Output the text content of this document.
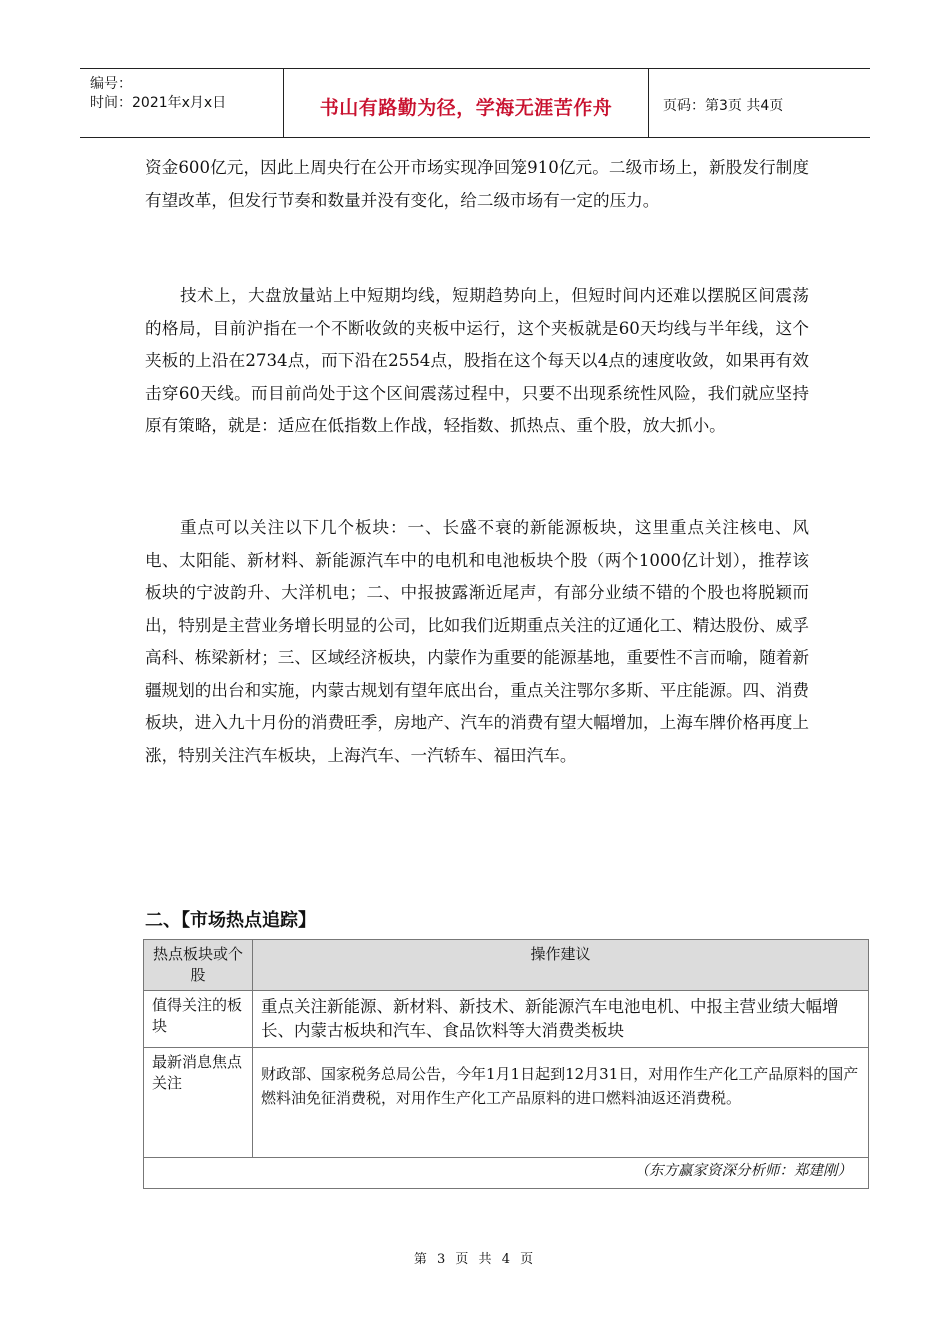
编号：
时间：2021年x月x日	书山有路勤为径，学海无涯苦作舟	页码：第3页 共4页
资金600亿元，因此上周央行在公开市场实现净回笼910亿元。二级市场上，新股发行制度有望改革，但发行节奏和数量并没有变化，给二级市场有一定的压力。
技术上，大盘放量站上中短期均线，短期趋势向上，但短时间内还难以摆脱区间震荡的格局，目前沪指在一个不断收敛的夹板中运行，这个夹板就是60天均线与半年线，这个夹板的上沿在2734点，而下沿在2554点，股指在这个每天以4点的速度收敛，如果再有效击穿60天线。而目前尚处于这个区间震荡过程中，只要不出现系统性风险，我们就应坚持原有策略，就是：适应在低指数上作战，轻指数、抓热点、重个股，放大抓小。
重点可以关注以下几个板块：一、长盛不衰的新能源板块，这里重点关注核电、风电、太阳能、新材料、新能源汽车中的电机和电池板块个股（两个1000亿计划），推荐该板块的宁波韵升、大洋机电；二、中报披露渐近尾声，有部分业绩不错的个股也将脱颖而出，特别是主营业务增长明显的公司，比如我们近期重点关注的辽通化工、精达股份、威孚高科、栋梁新材；三、区域经济板块，内蒙作为重要的能源基地，重要性不言而喻，随着新疆规划的出台和实施，内蒙古规划有望年底出台，重点关注鄂尔多斯、平庄能源。四、消费板块，进入九十月份的消费旺季，房地产、汽车的消费有望大幅增加，上海车牌价格再度上涨，特别关注汽车板块，上海汽车、一汽轿车、福田汽车。
二、【市场热点追踪】
热点板块或个股	操作建议

值得关注的板块	重点关注新能源、新材料、新技术、新能源汽车电池电机、中报主营业绩大幅增长、内蒙古板块和汽车、食品饮料等大消费类板块

最新消息焦点关注	财政部、国家税务总局公告，今年1月1日起到12月31日，对用作生产化工产品原料的国产燃料油免征消费税，对用作生产化工产品原料的进口燃料油返还消费税。

（东方赢家资深分析师：郑建刚）	
第 3 页 共 4 页
